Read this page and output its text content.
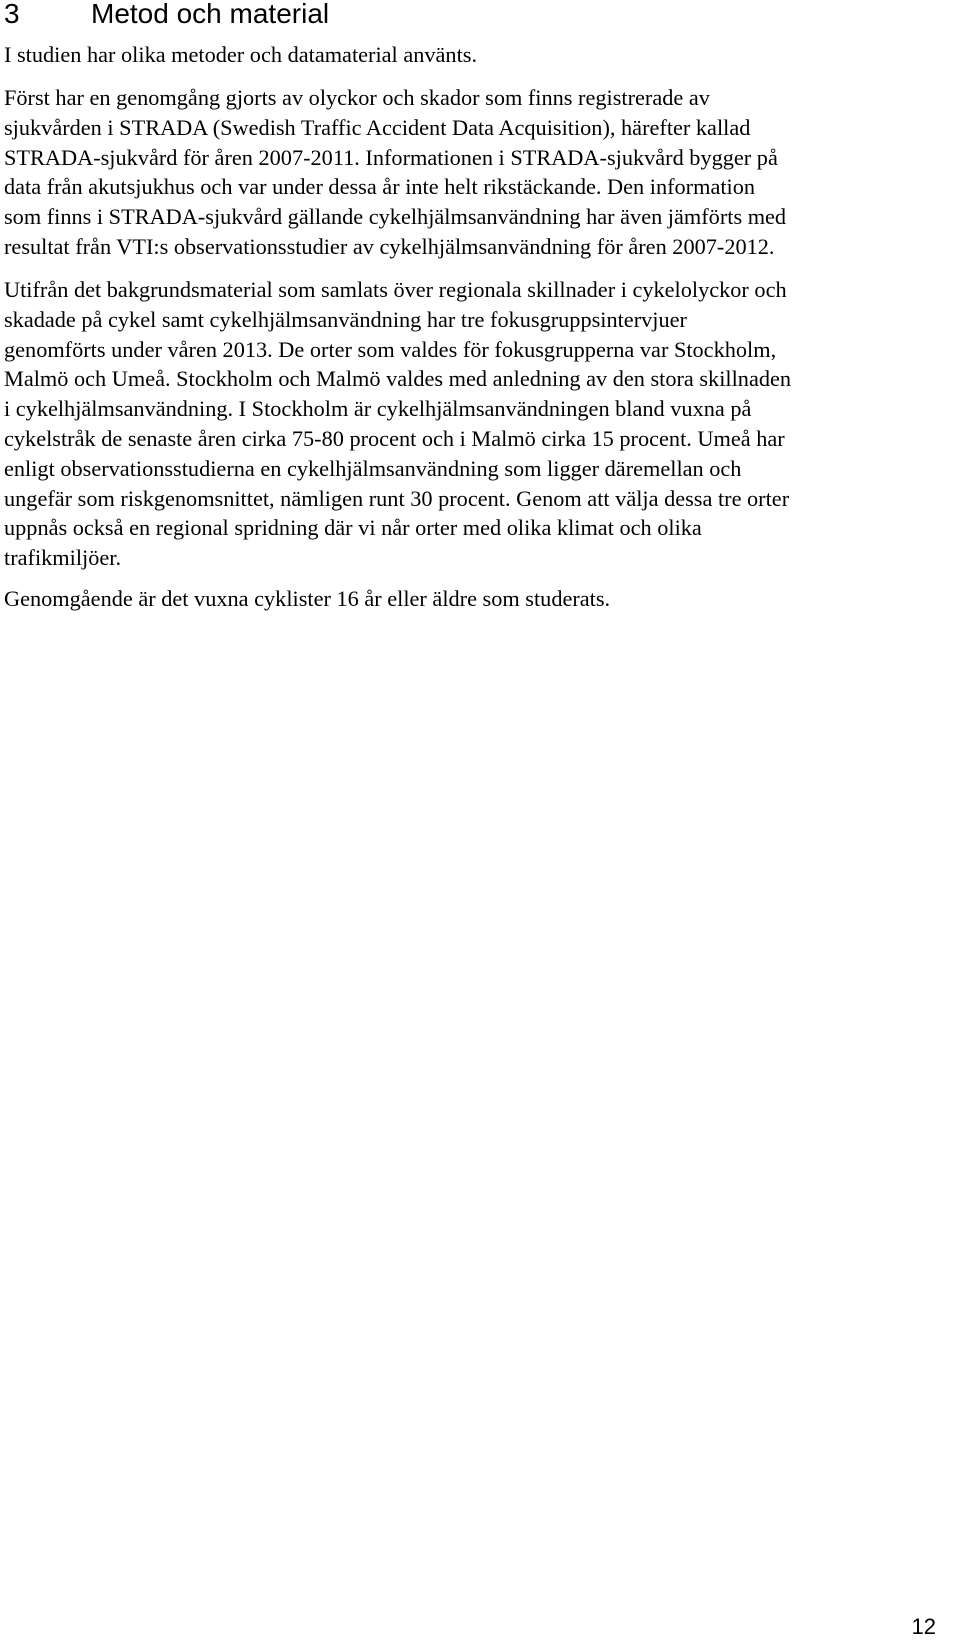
3	Metod och material

I studien har olika metoder och datamaterial använts.

Först har en genomgång gjorts av olyckor och skador som finns registrerade av
sjukvården i STRADA (Swedish Traffic Accident Data Acquisition), härefter kallad
STRADA-sjukvård för åren 2007-2011. Informationen i STRADA-sjukvård bygger på
data från akutsjukhus och var under dessa år inte helt rikstäckande. Den information
som finns i STRADA-sjukvård gällande cykelhjälmsanvändning har även jämförts med
resultat från VTI:s observationsstudier av cykelhjälmsanvändning för åren 2007-2012.

Utifrån det bakgrundsmaterial som samlats över regionala skillnader i cykelolyckor och
skadade på cykel samt cykelhjälmsanvändning har tre fokusgruppsintervjuer
genomförts under våren 2013. De orter som valdes för fokusgrupperna var Stockholm,
Malmö och Umeå. Stockholm och Malmö valdes med anledning av den stora skillnaden
i cykelhjälmsanvändning. I Stockholm är cykelhjälmsanvändningen bland vuxna på
cykelstråk de senaste åren cirka 75-80 procent och i Malmö cirka 15 procent. Umeå har
enligt observationsstudierna en cykelhjälmsanvändning som ligger däremellan och
ungefär som riskgenomsnittet, nämligen runt 30 procent. Genom att välja dessa tre orter
uppnås också en regional spridning där vi når orter med olika klimat och olika
trafikmiljöer.

Genomgående är det vuxna cyklister 16 år eller äldre som studerats.

12
